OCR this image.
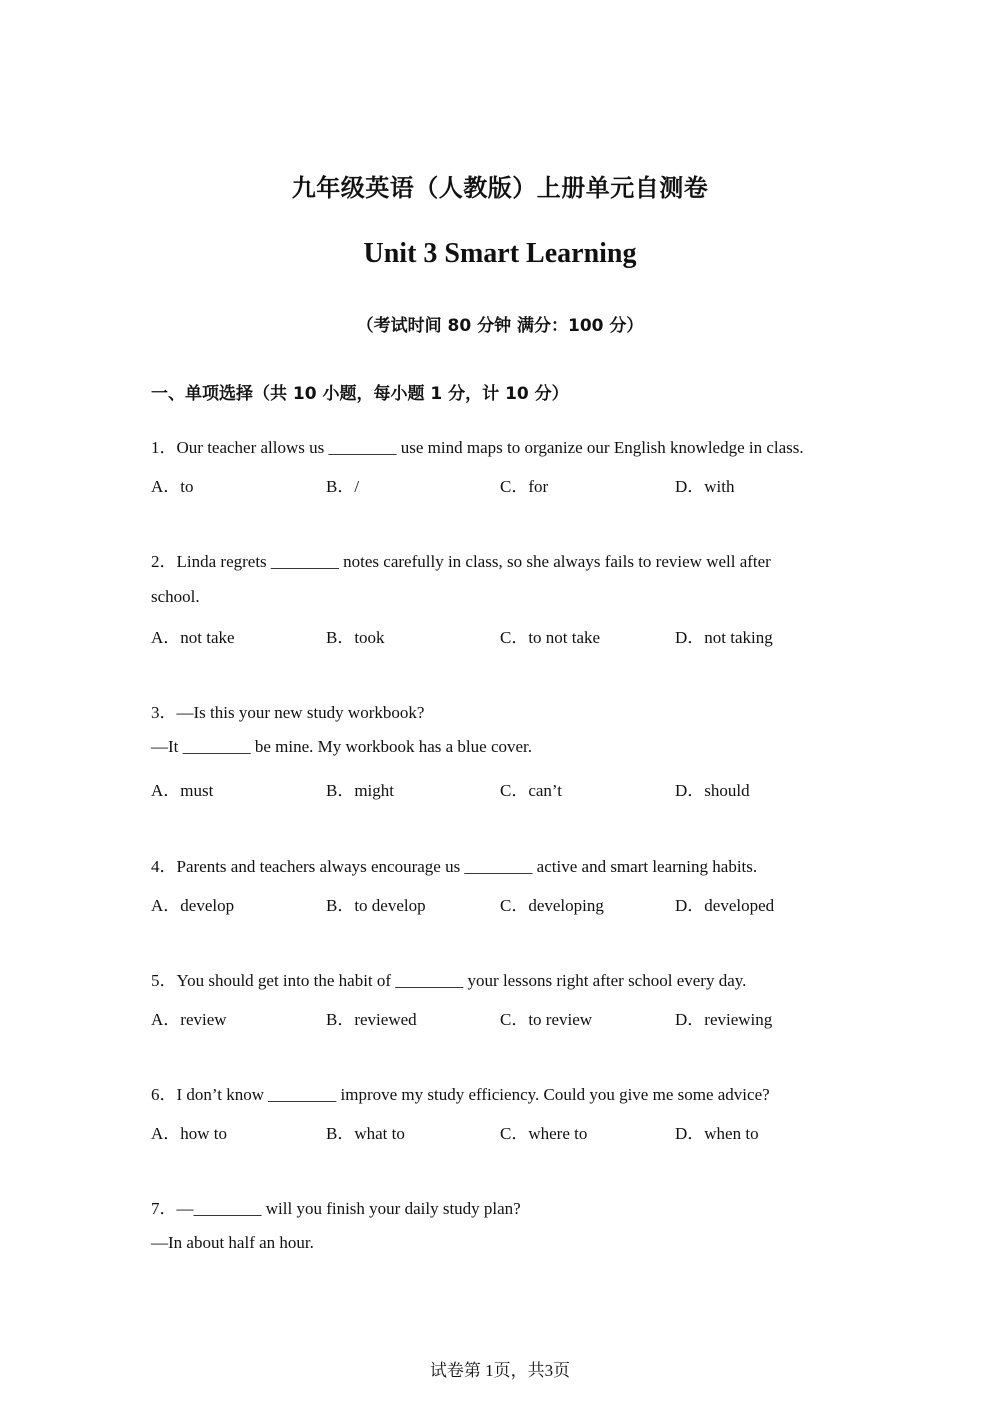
九年级英语（人教版）上册单元自测卷
Unit 3 Smart Learning
（考试时间 80 分钟 满分：100 分）
一、单项选择（共 10 小题，每小题 1 分，计 10 分）
1．Our teacher allows us ________ use mind maps to organize our English knowledge in class.
A．to	B．/	C．for	D．with
2．Linda regrets ________ notes carefully in class, so she always fails to review well after
school.
A．not take	B．took	C．to not take	D．not taking
3．—Is this your new study workbook?
—It ________ be mine. My workbook has a blue cover.
A．must	B．might	C．can’t	D．should
4．Parents and teachers always encourage us ________ active and smart learning habits.
A．develop	B．to develop	C．developing	D．developed
5．You should get into the habit of ________ your lessons right after school every day.
A．review	B．reviewed	C．to review	D．reviewing
6．I don’t know ________ improve my study efficiency. Could you give me some advice?
A．how to	B．what to	C．where to	D．when to
7．—________ will you finish your daily study plan?
—In about half an hour.
试卷第 1页，共3页
